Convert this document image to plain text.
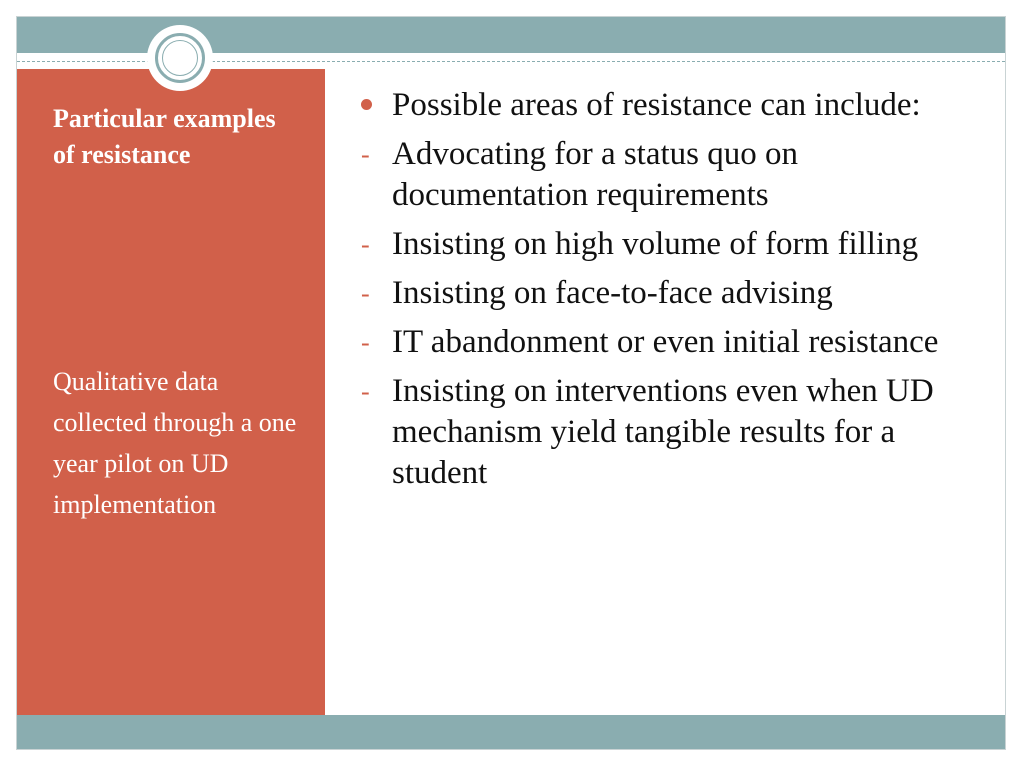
Particular examples of resistance

Qualitative data collected through a one year pilot on UD implementation

Possible areas of resistance can include:
- Advocating for a status quo on documentation requirements
- Insisting on high volume of form filling
- Insisting on face-to-face advising
- IT abandonment or even initial resistance
- Insisting on interventions even when UD mechanism yield tangible results for a student
